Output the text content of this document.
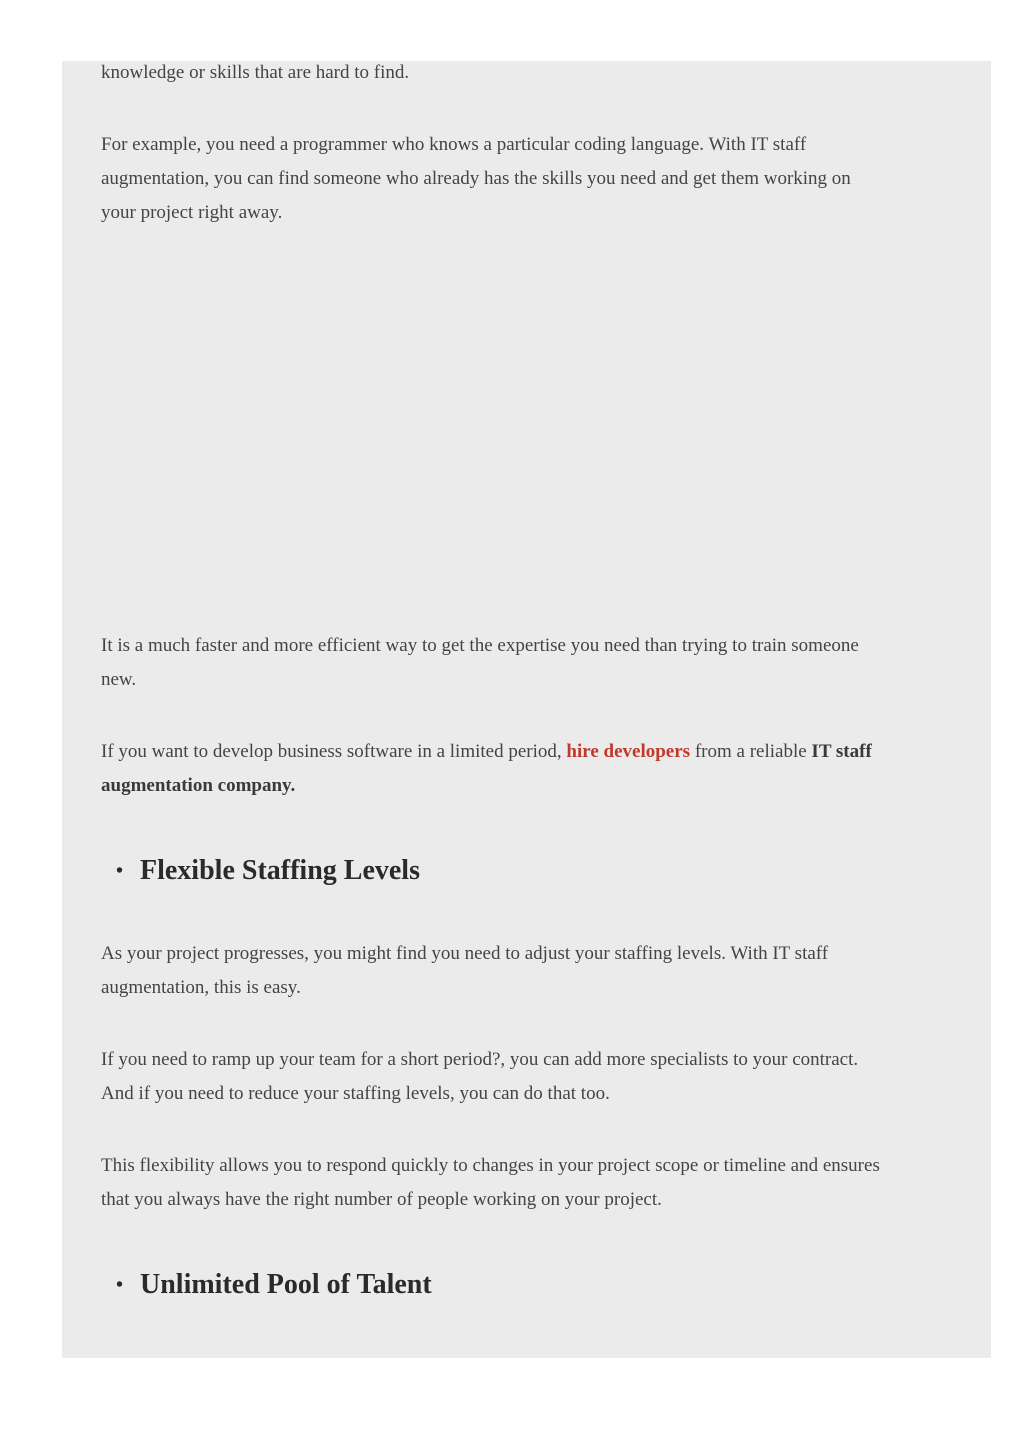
knowledge or skills that are hard to find.

For example, you need a programmer who knows a particular coding language. With IT staff augmentation, you can find someone who already has the skills you need and get them working on your project right away.

It is a much faster and more efficient way to get the expertise you need than trying to train someone new.

If you want to develop business software in a limited period, hire developers from a reliable IT staff augmentation company.

• Flexible Staffing Levels

As your project progresses, you might find you need to adjust your staffing levels. With IT staff augmentation, this is easy.

If you need to ramp up your team for a short period?, you can add more specialists to your contract. And if you need to reduce your staffing levels, you can do that too.

This flexibility allows you to respond quickly to changes in your project scope or timeline and ensures that you always have the right number of people working on your project.

• Unlimited Pool of Talent
